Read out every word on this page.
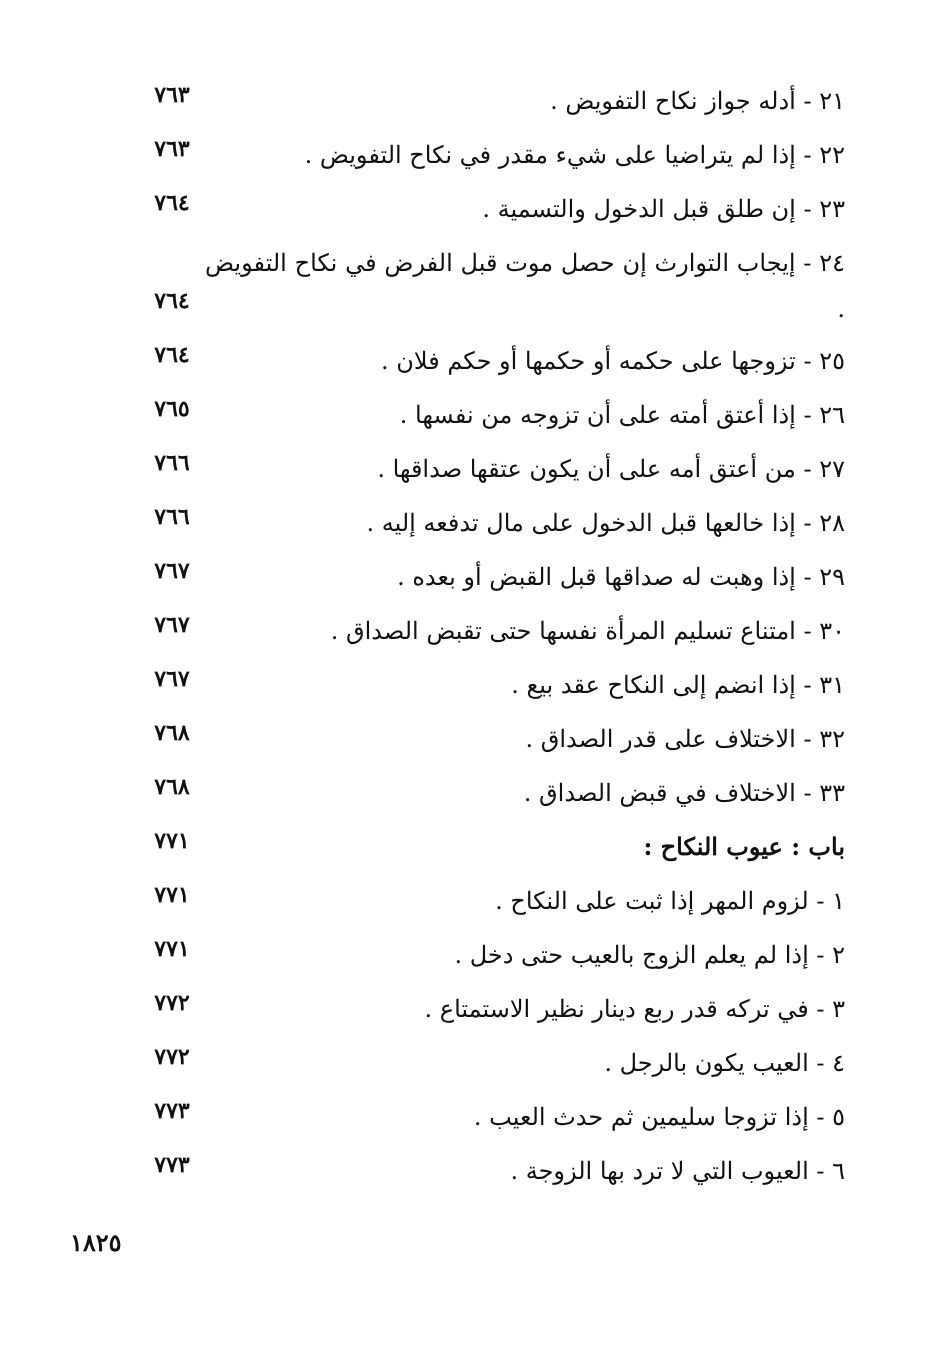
٢١ - أدله جواز نكاح التفويض .
٧٦٣
٢٢ - إذا لم يتراضيا على شيء مقدر في نكاح التفويض .
٧٦٣
٢٣ - إن طلق قبل الدخول والتسمية .
٧٦٤
٢٤ - إيجاب التوارث إن حصل موت قبل الفرض في نكاح التفويض .
٧٦٤
٢٥ - تزوجها على حكمه أو حكمها أو حكم فلان .
٧٦٤
٢٦ - إذا أعتق أمته على أن تزوجه من نفسها .
٧٦٥
٢٧ - من أعتق أمه على أن يكون عتقها صداقها .
٧٦٦
٢٨ - إذا خالعها قبل الدخول على مال تدفعه إليه .
٧٦٦
٢٩ - إذا وهبت له صداقها قبل القبض أو بعده .
٧٦٧
٣٠ - امتناع تسليم المرأة نفسها حتى تقبض الصداق .
٧٦٧
٣١ - إذا انضم إلى النكاح عقد بيع .
٧٦٧
٣٢ - الاختلاف على قدر الصداق .
٧٦٨
٣٣ - الاختلاف في قبض الصداق .
٧٦٨
باب : عيوب النكاح :
٧٧١
١ - لزوم المهر إذا ثبت على النكاح .
٧٧١
٢ - إذا لم يعلم الزوج بالعيب حتى دخل .
٧٧١
٣ - في تركه قدر ربع دينار نظير الاستمتاع .
٧٧٢
٤ - العيب يكون بالرجل .
٧٧٢
٥ - إذا تزوجا سليمين ثم حدث العيب .
٧٧٣
٦ - العيوب التي لا ترد بها الزوجة .
٧٧٣
١٨٢٥
